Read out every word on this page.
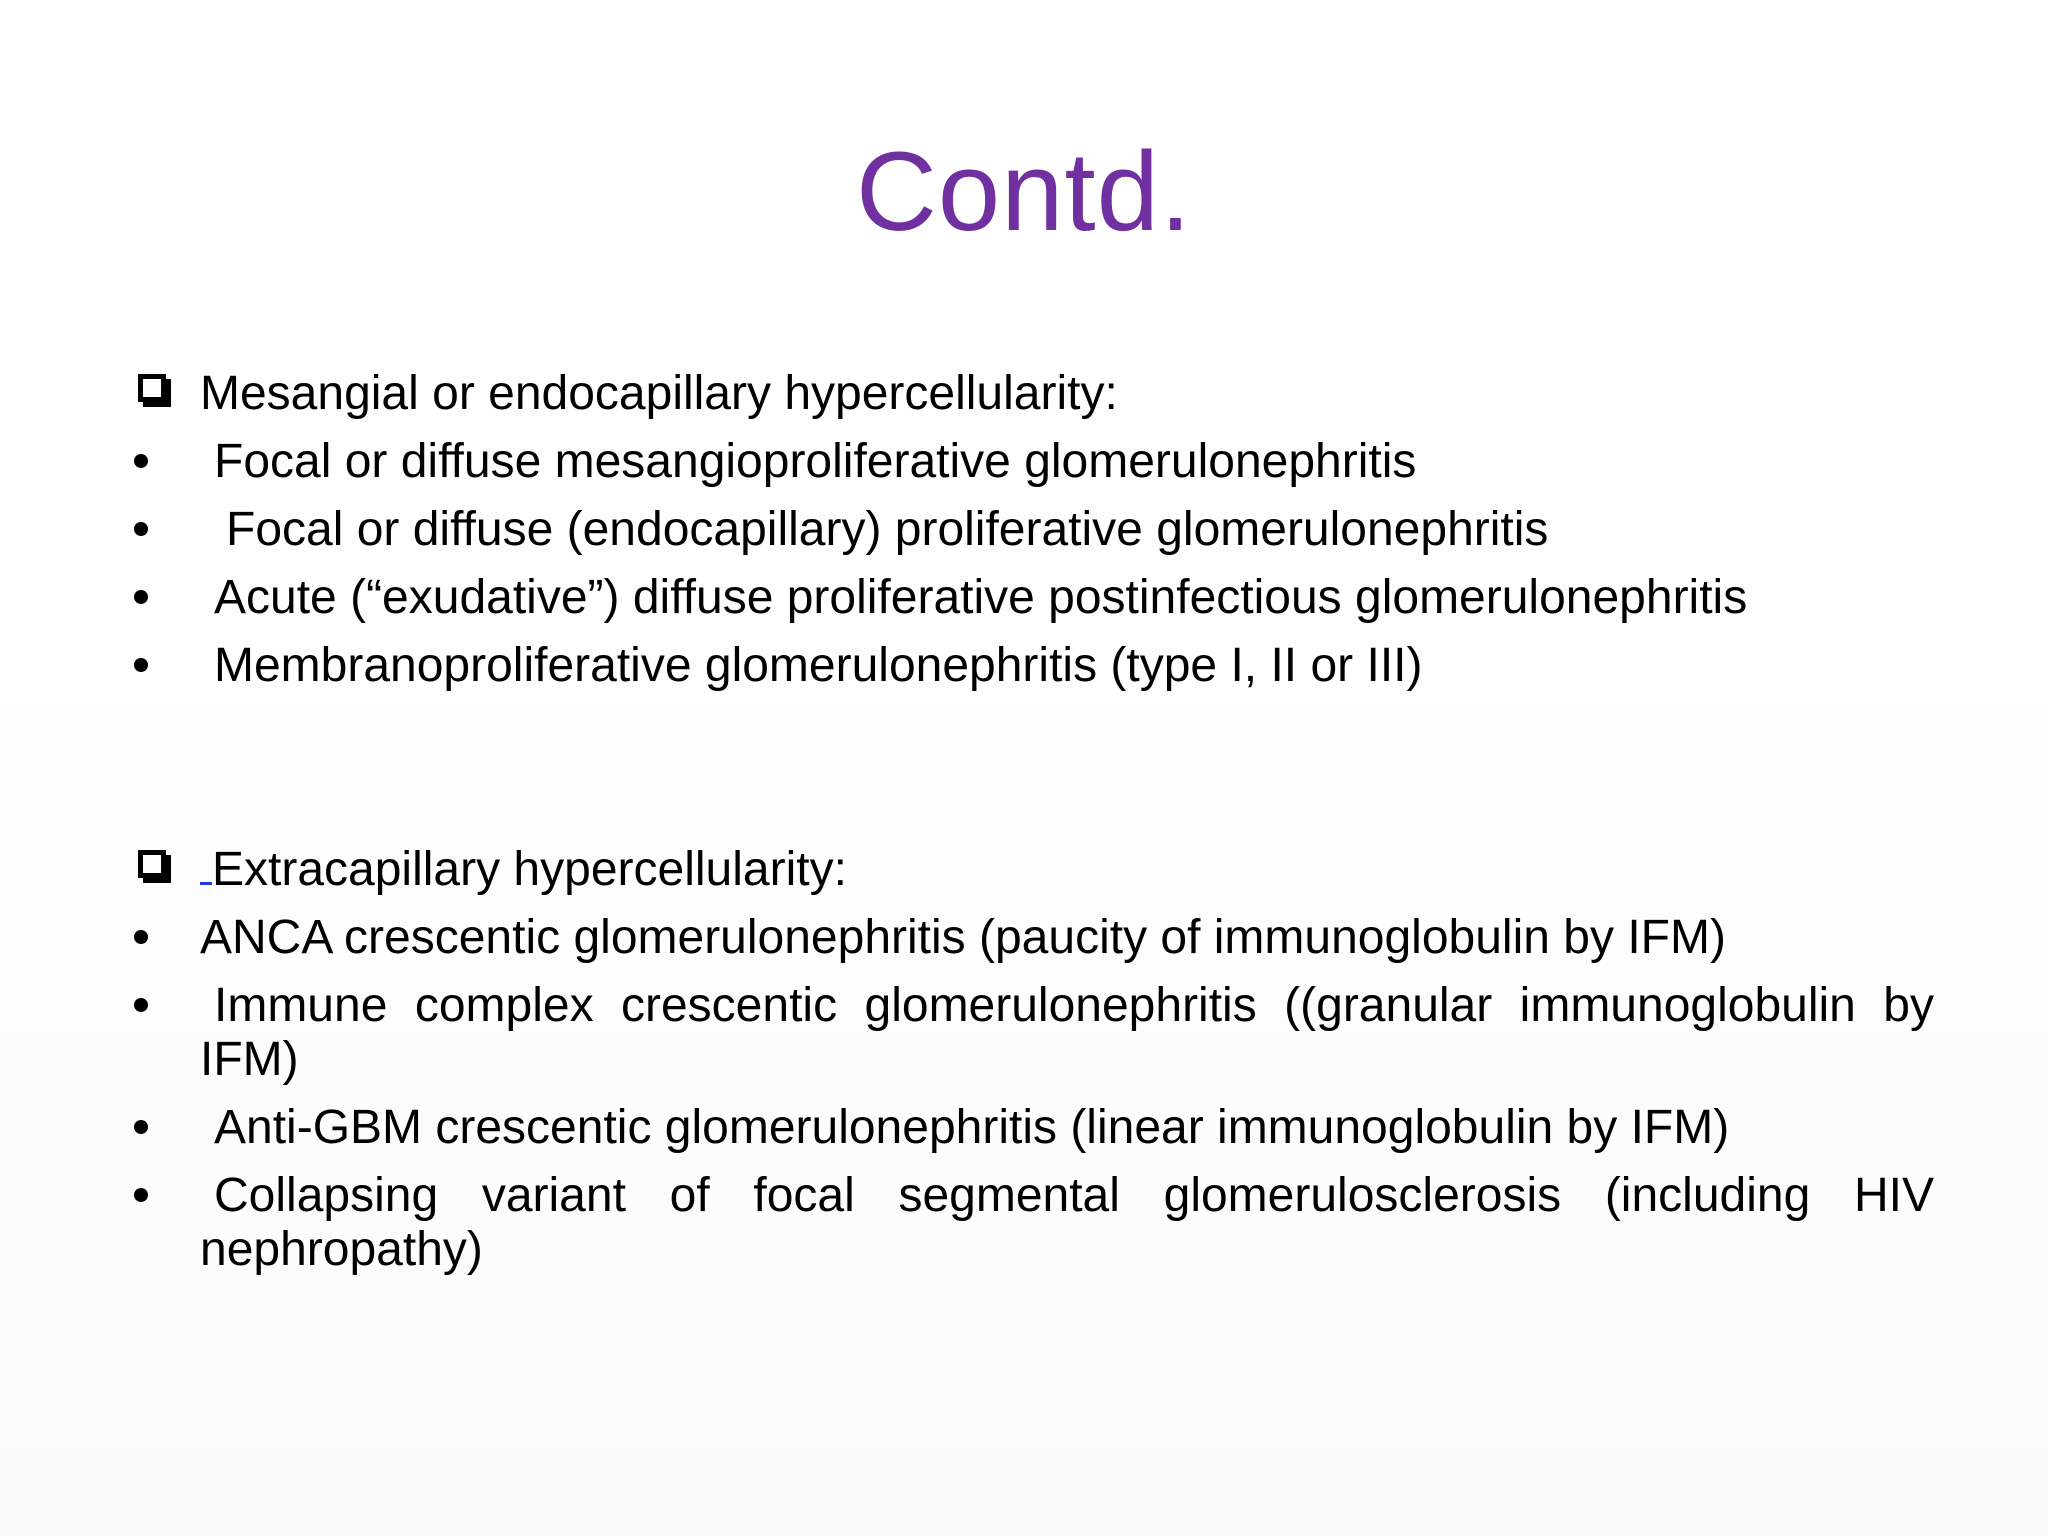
Contd.
Mesangial or endocapillary hypercellularity:
Focal or diffuse mesangioproliferative glomerulonephritis
Focal or diffuse (endocapillary) proliferative glomerulonephritis
Acute (“exudative”) diffuse proliferative postinfectious glomerulonephritis
Membranoproliferative glomerulonephritis (type I, II or III)
Extracapillary hypercellularity:
ANCA crescentic glomerulonephritis (paucity of immunoglobulin by IFM)
Immune complex crescentic glomerulonephritis ((granular immunoglobulin by IFM)
Anti-GBM crescentic glomerulonephritis (linear immunoglobulin by IFM)
Collapsing variant of focal segmental glomerulosclerosis (including HIV nephropathy)
